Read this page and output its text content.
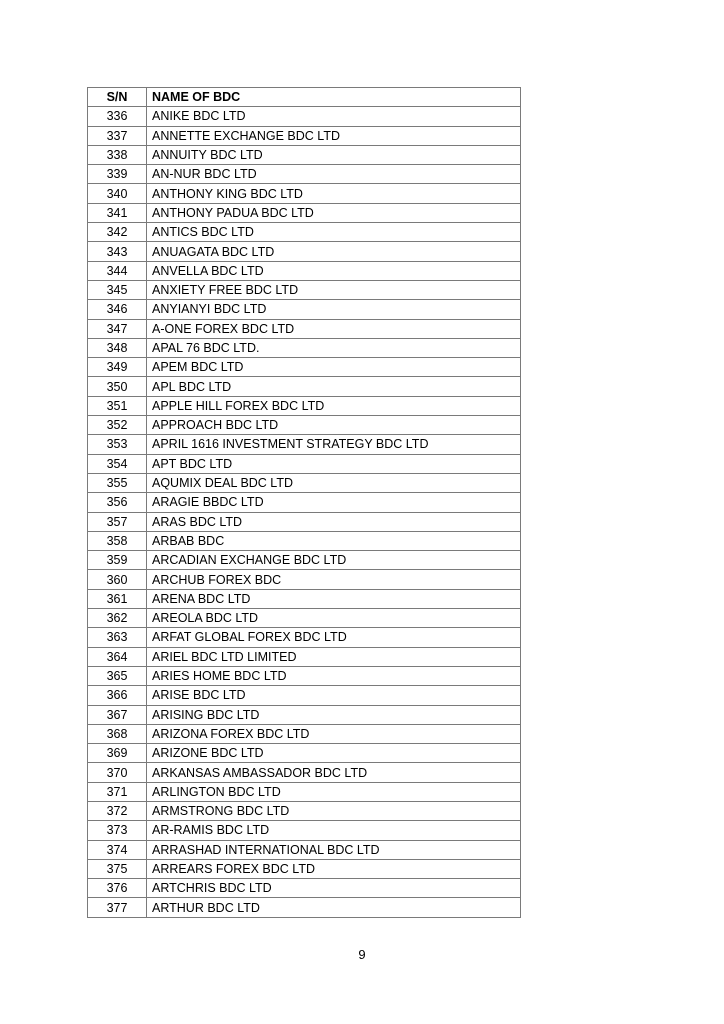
S/N	NAME OF BDC
336	ANIKE BDC LTD
337	ANNETTE EXCHANGE BDC LTD
338	ANNUITY BDC LTD
339	AN-NUR BDC LTD
340	ANTHONY KING BDC LTD
341	ANTHONY PADUA BDC LTD
342	ANTICS BDC LTD
343	ANUAGATA BDC LTD
344	ANVELLA BDC LTD
345	ANXIETY FREE BDC LTD
346	ANYIANYI BDC LTD
347	A-ONE FOREX BDC LTD
348	APAL 76 BDC LTD.
349	APEM BDC LTD
350	APL BDC LTD
351	APPLE HILL FOREX BDC LTD
352	APPROACH BDC LTD
353	APRIL 1616 INVESTMENT STRATEGY BDC LTD
354	APT BDC LTD
355	AQUMIX DEAL BDC LTD
356	ARAGIE BBDC LTD
357	ARAS BDC LTD
358	ARBAB BDC
359	ARCADIAN EXCHANGE BDC LTD
360	ARCHUB FOREX BDC
361	ARENA BDC LTD
362	AREOLA BDC LTD
363	ARFAT GLOBAL FOREX BDC LTD
364	ARIEL BDC LTD LIMITED
365	ARIES HOME BDC LTD
366	ARISE BDC LTD
367	ARISING BDC LTD
368	ARIZONA FOREX BDC LTD
369	ARIZONE BDC LTD
370	ARKANSAS AMBASSADOR BDC LTD
371	ARLINGTON BDC LTD
372	ARMSTRONG BDC LTD
373	AR-RAMIS BDC LTD
374	ARRASHAD INTERNATIONAL BDC LTD
375	ARREARS FOREX BDC LTD
376	ARTCHRIS BDC LTD
377	ARTHUR BDC LTD
9
